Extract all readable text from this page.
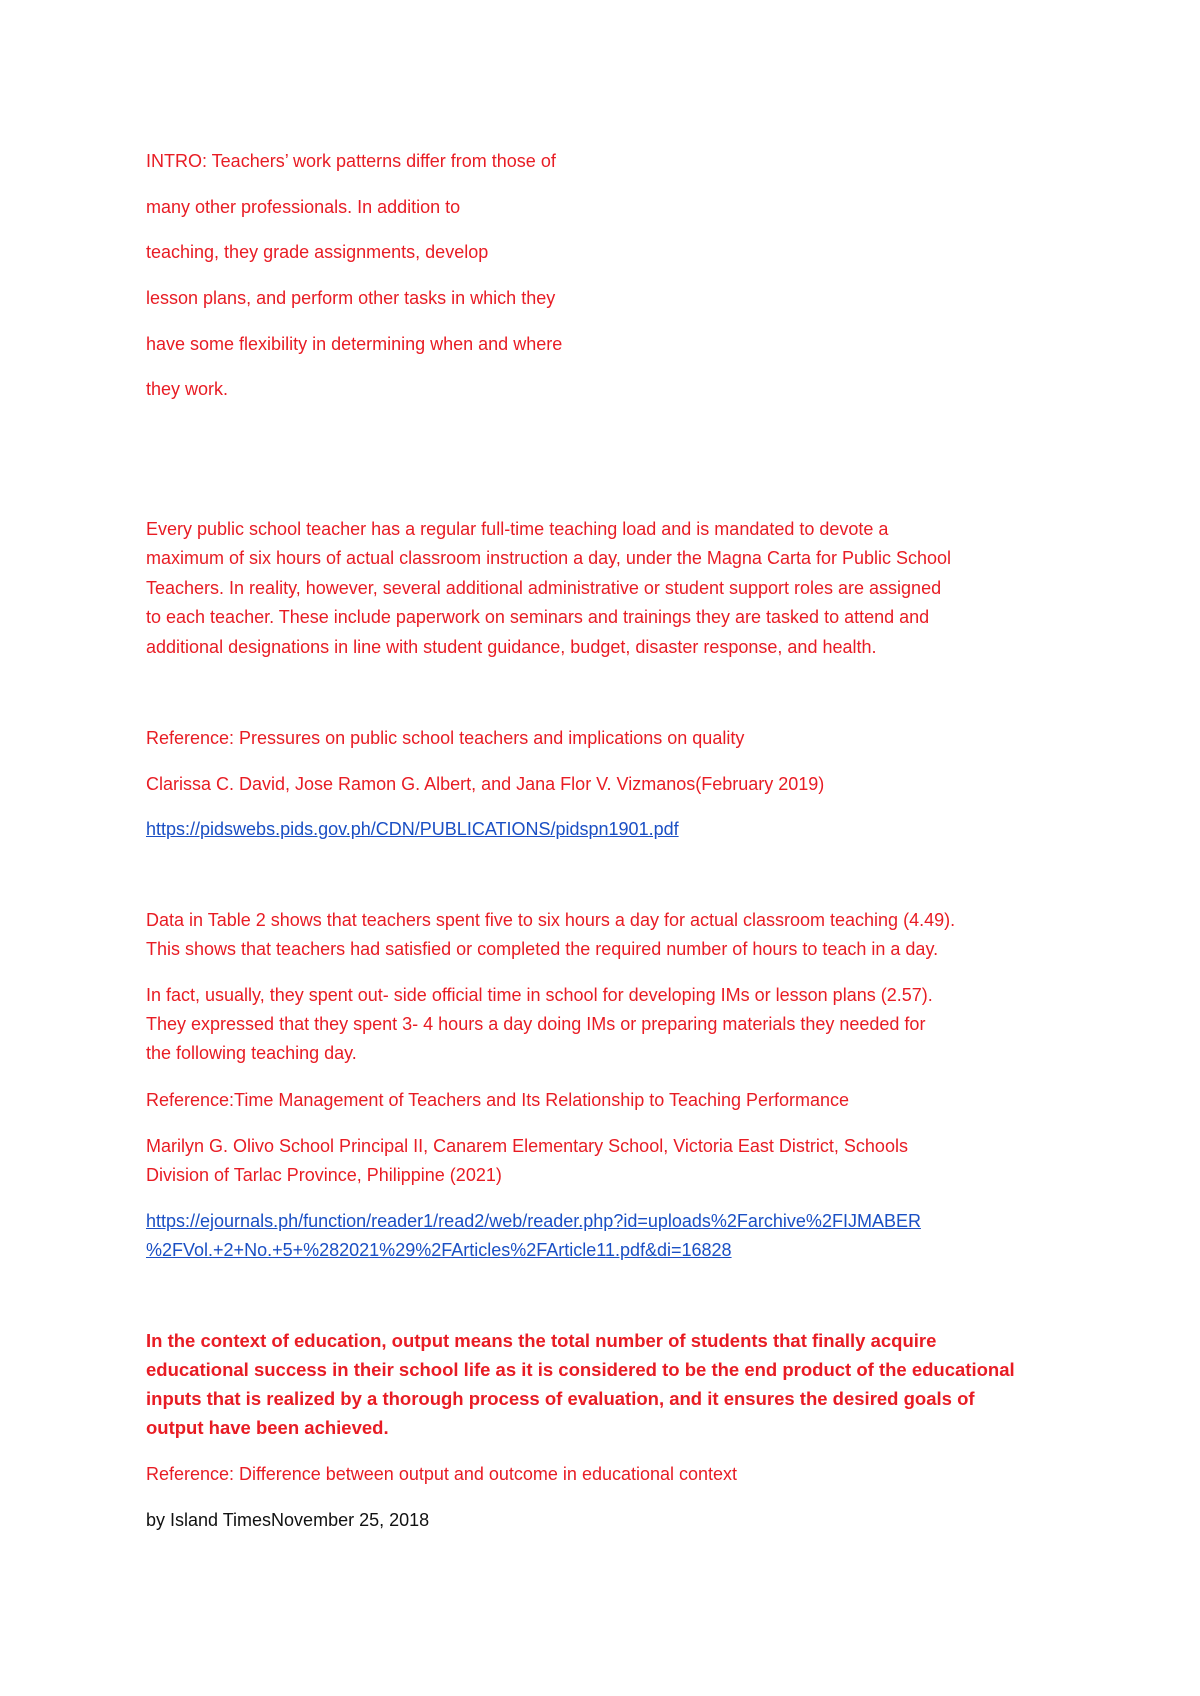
INTRO: Teachers’ work patterns differ from those of

many other professionals. In addition to

teaching, they grade assignments, develop

lesson plans, and perform other tasks in which they

have some flexibility in determining when and where

they work.

Every public school teacher has a regular full-time teaching load and is mandated to devote a

maximum of six hours of actual classroom instruction a day, under the Magna Carta for Public School

Teachers. In reality, however, several additional administrative or student support roles are assigned

to each teacher. These include paperwork on seminars and trainings they are tasked to attend and

additional designations in line with student guidance, budget, disaster response, and health.

Reference: Pressures on public school teachers and implications on quality

Clarissa C. David, Jose Ramon G. Albert, and Jana Flor V. Vizmanos(February 2019)

https://pidswebs.pids.gov.ph/CDN/PUBLICATIONS/pidspn1901.pdf

Data in Table 2 shows that teachers spent five to six hours a day for actual classroom teaching (4.49).

This shows that teachers had satisfied or completed the required number of hours to teach in a day.

In fact, usually, they spent out- side official time in school for developing IMs or lesson plans (2.57).

They expressed that they spent 3- 4 hours a day doing IMs or preparing materials they needed for

the following teaching day.

Reference:Time Management of Teachers and Its Relationship to Teaching Performance

Marilyn G. Olivo School Principal II, Canarem Elementary School, Victoria East District, Schools

Division of Tarlac Province, Philippine (2021)

https://ejournals.ph/function/reader1/read2/web/reader.php?id=uploads%2Farchive%2FIJMABER

%2FVol.+2+No.+5+%282021%29%2FArticles%2FArticle11.pdf&di=16828

In the context of education, output means the total number of students that finally acquire

educational success in their school life as it is considered to be the end product of the educational

inputs that is realized by a thorough process of evaluation, and it ensures the desired goals of

output have been achieved.

Reference: Difference between output and outcome in educational context

by Island TimesNovember 25, 2018
